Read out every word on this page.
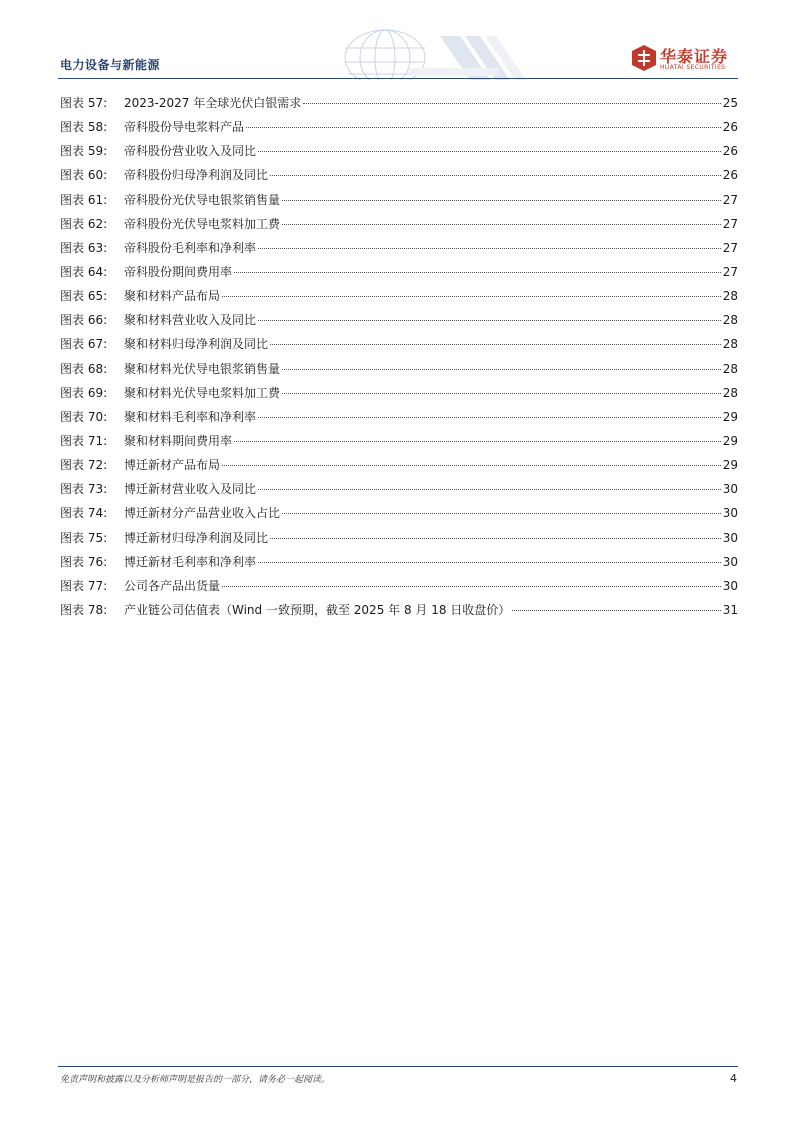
电力设备与新能源	华泰证券
HUATAI SECURITIES
图表 57:	2023-2027 年全球光伏白银需求	25
图表 58:	帝科股份导电浆料产品	26
图表 59:	帝科股份营业收入及同比	26
图表 60:	帝科股份归母净利润及同比	26
图表 61:	帝科股份光伏导电银浆销售量	27
图表 62:	帝科股份光伏导电浆料加工费	27
图表 63:	帝科股份毛利率和净利率	27
图表 64:	帝科股份期间费用率	27
图表 65:	聚和材料产品布局	28
图表 66:	聚和材料营业收入及同比	28
图表 67:	聚和材料归母净利润及同比	28
图表 68:	聚和材料光伏导电银浆销售量	28
图表 69:	聚和材料光伏导电浆料加工费	28
图表 70:	聚和材料毛利率和净利率	29
图表 71:	聚和材料期间费用率	29
图表 72:	博迁新材产品布局	29
图表 73:	博迁新材营业收入及同比	30
图表 74:	博迁新材分产品营业收入占比	30
图表 75:	博迁新材归母净利润及同比	30
图表 76:	博迁新材毛利率和净利率	30
图表 77:	公司各产品出货量	30
图表 78:	产业链公司估值表（Wind 一致预期，截至 2025 年 8 月 18 日收盘价）	31
免责声明和披露以及分析师声明是报告的一部分，请务必一起阅读。	4
